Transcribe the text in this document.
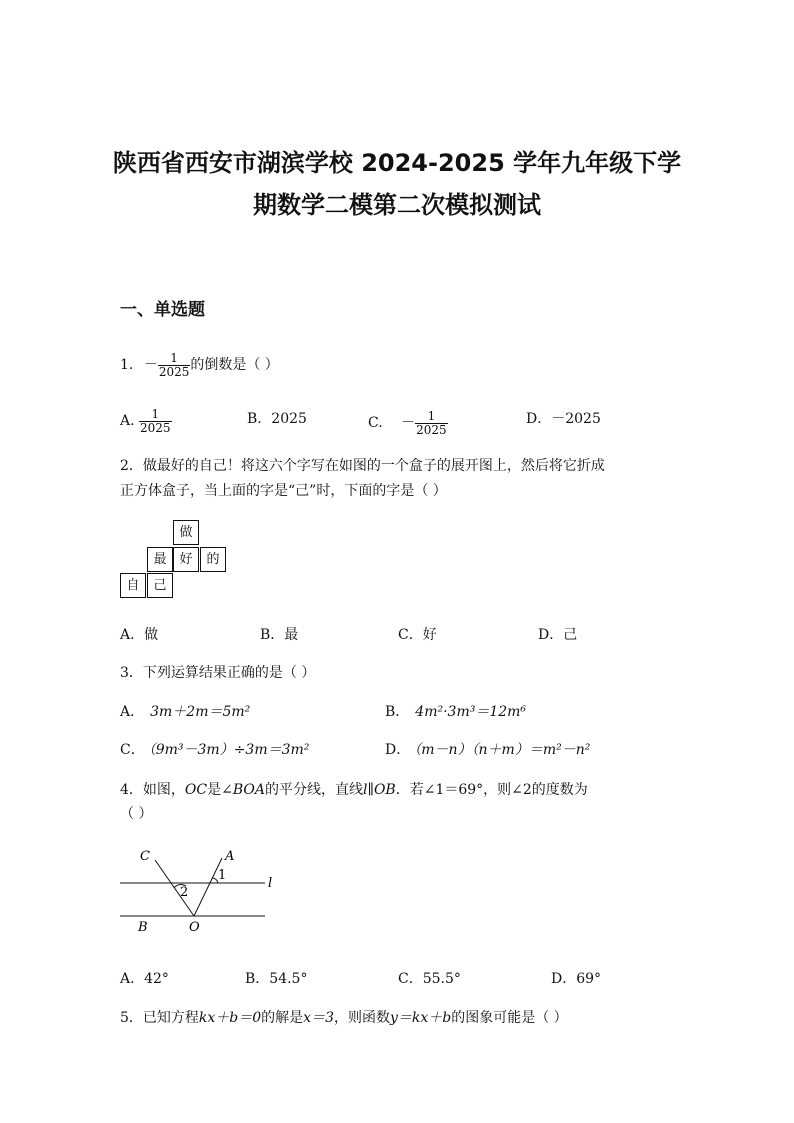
陕西省西安市湖滨学校 2024-2025 学年九年级下学
期数学二模第二次模拟测试
一、单选题
1. － $\frac{1}{2025}$ 的倒数是（ ）
A. $\frac{1}{2025}$	B．2025	C. － $\frac{1}{2025}$	D．－2025
2．做最好的自己！将这六个字写在如图的一个盒子的展开图上，然后将它折成
正方体盒子，当上面的字是“己”时，下面的字是（ ）
做
最 好	的
自	己
A．做	B．最	C．好	D．己
3．下列运算结果正确的是（ ）
A． 3m＋2m＝5m²	B． 4m²·3m³＝12m⁶
C． （9m³－3m）÷3m＝3m²	D． （m－n）（n＋m）＝m²－n²
4．如图，OC是∠BOA的平分线，直线l∥OB．若∠1＝69°，则∠2的度数为
（ ）
C	A
1
2
l
B	O
A．42°	B．54.5°	C．55.5°	D．69°
5．已知方程kx＋b＝0的解是x＝3，则函数y＝kx＋b的图象可能是（ ）
